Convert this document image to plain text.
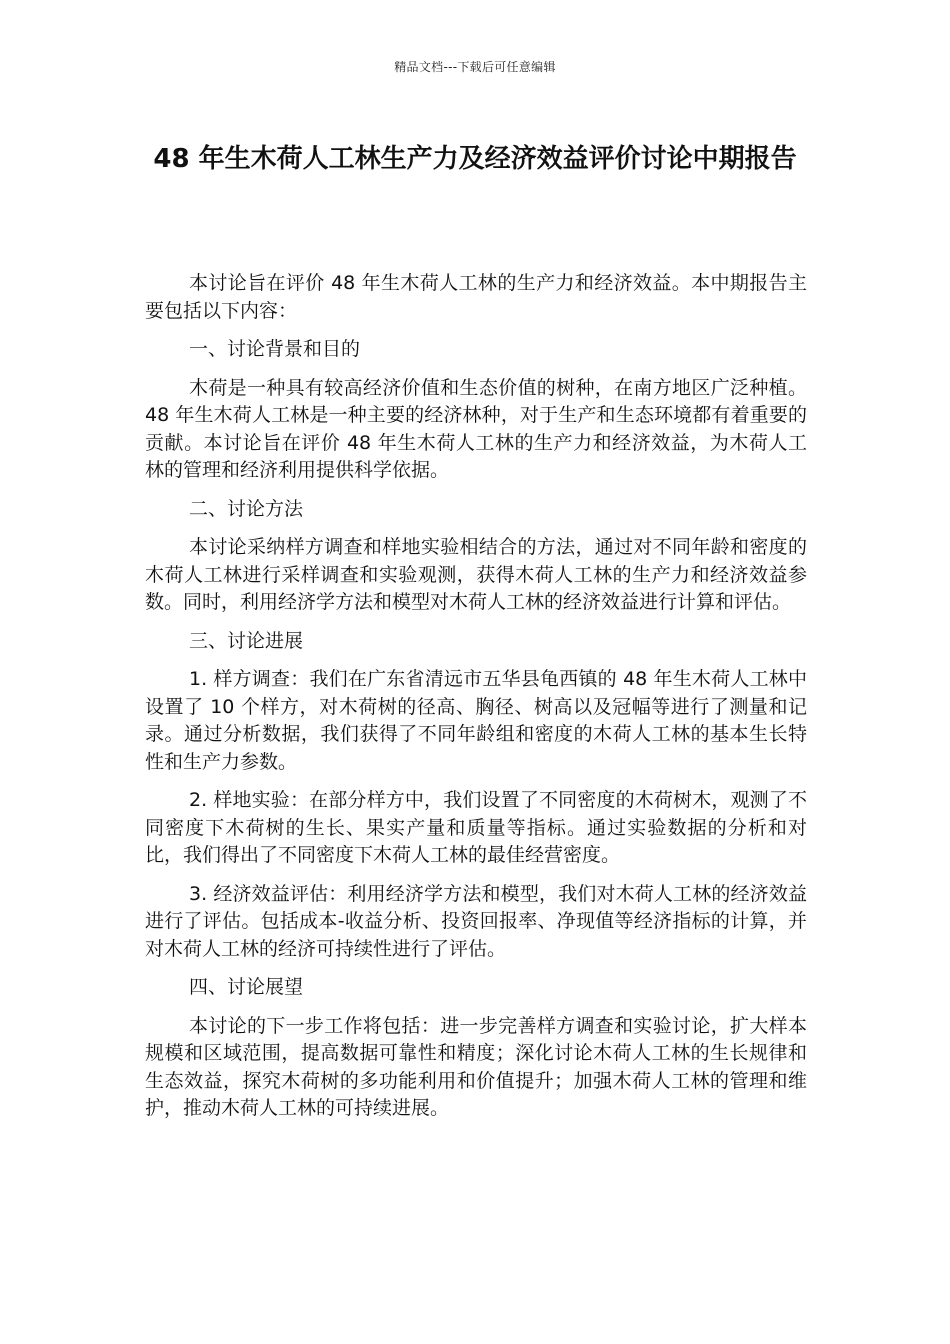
精品文档---下载后可任意编辑
48 年生木荷人工林生产力及经济效益评价讨论中期报告

本讨论旨在评价 48 年生木荷人工林的生产力和经济效益。本中期报告主要包括以下内容：

一、讨论背景和目的

木荷是一种具有较高经济价值和生态价值的树种，在南方地区广泛种植。48 年生木荷人工林是一种主要的经济林种，对于生产和生态环境都有着重要的贡献。本讨论旨在评价 48 年生木荷人工林的生产力和经济效益，为木荷人工林的管理和经济利用提供科学依据。

二、讨论方法

本讨论采纳样方调查和样地实验相结合的方法，通过对不同年龄和密度的木荷人工林进行采样调查和实验观测，获得木荷人工林的生产力和经济效益参数。同时，利用经济学方法和模型对木荷人工林的经济效益进行计算和评估。

三、讨论进展

1. 样方调查：我们在广东省清远市五华县龟西镇的 48 年生木荷人工林中设置了 10 个样方，对木荷树的径高、胸径、树高以及冠幅等进行了测量和记录。通过分析数据，我们获得了不同年龄组和密度的木荷人工林的基本生长特性和生产力参数。

2. 样地实验：在部分样方中，我们设置了不同密度的木荷树木，观测了不同密度下木荷树的生长、果实产量和质量等指标。通过实验数据的分析和对比，我们得出了不同密度下木荷人工林的最佳经营密度。

3. 经济效益评估：利用经济学方法和模型，我们对木荷人工林的经济效益进行了评估。包括成本-收益分析、投资回报率、净现值等经济指标的计算，并对木荷人工林的经济可持续性进行了评估。

四、讨论展望

本讨论的下一步工作将包括：进一步完善样方调查和实验讨论，扩大样本规模和区域范围，提高数据可靠性和精度；深化讨论木荷人工林的生长规律和生态效益，探究木荷树的多功能利用和价值提升；加强木荷人工林的管理和维护，推动木荷人工林的可持续进展。
